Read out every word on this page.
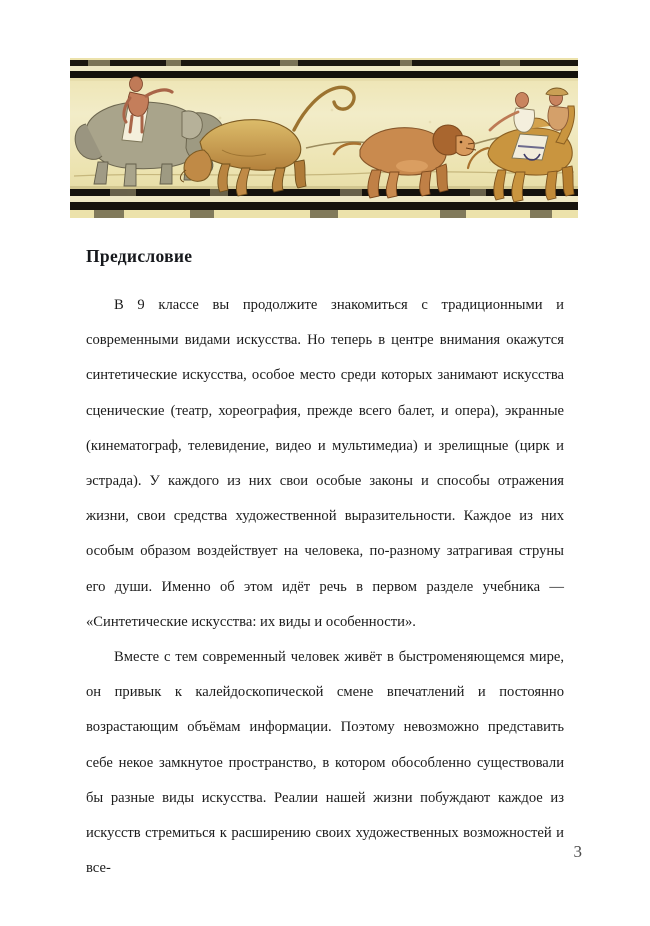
Предисловие

В 9 классе вы продолжите знакомиться с традиционными и современными видами искусства. Но теперь в центре внимания окажутся синтетические искусства, особое место среди которых занимают искусства сценические (театр, хореография, прежде всего балет, и опера), экранные (кинематограф, телевидение, видео и мультимедиа) и зрелищные (цирк и эстрада). У каждого из них свои особые законы и способы отражения жизни, свои средства художественной выразительности. Каждое из них особым образом воздействует на человека, по-разному затрагивая струны его души. Именно об этом идёт речь в первом разделе учебника — «Синтетические искусства: их виды и особенности».

Вместе с тем современный человек живёт в быстроменяющемся мире, он привык к калейдоскопической смене впечатлений и постоянно возрастающим объёмам информации. Поэтому невозможно представить себе некое замкнутое пространство, в котором обособленно существовали бы разные виды искусства. Реалии нашей жизни побуждают каждое из искусств стремиться к расширению своих художественных возможностей и все-

3
